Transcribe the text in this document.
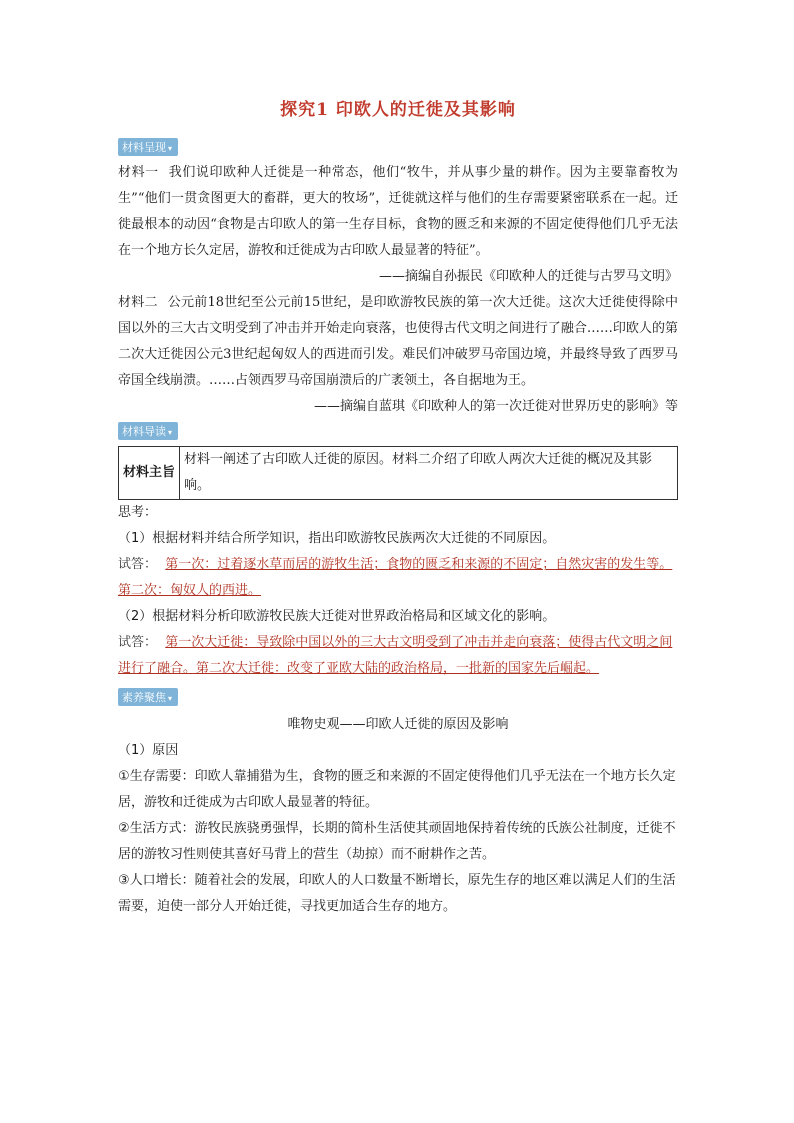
探究1 印欧人的迁徙及其影响
材料呈现 ▾

材料一 我们说印欧种人迁徙是一种常态，他们“牧牛，并从事少量的耕作。因为主要靠畜牧为生”“他们一贯贪图更大的畜群，更大的牧场”，迁徙就这样与他们的生存需要紧密联系在一起。迁徙最根本的动因“食物是古印欧人的第一生存目标，食物的匮乏和来源的不固定使得他们几乎无法在一个地方长久定居，游牧和迁徙成为古印欧人最显著的特征”。

——摘编自孙振民《印欧种人的迁徙与古罗马文明》

材料二 公元前18世纪至公元前15世纪，是印欧游牧民族的第一次大迁徙。这次大迁徙使得除中国以外的三大古文明受到了冲击并开始走向衰落，也使得古代文明之间进行了融合……印欧人的第二次大迁徙因公元3世纪起匈奴人的西进而引发。难民们冲破罗马帝国边境，并最终导致了西罗马帝国全线崩溃。……占领西罗马帝国崩溃后的广袤领土，各自据地为王。

——摘编自蓝琪《印欧种人的第一次迁徙对世界历史的影响》等

材料导读 ▾
材料主旨	材料一阐述了古印欧人迁徙的原因。材料二介绍了印欧人两次大迁徙的概况及其影响。

思考：

（1）根据材料并结合所学知识，指出印欧游牧民族两次大迁徙的不同原因。

试答： 第一次：过着逐水草而居的游牧生活；食物的匮乏和来源的不固定；自然灾害的发生等。第二次：匈奴人的西进。

（2）根据材料分析印欧游牧民族大迁徙对世界政治格局和区域文化的影响。

试答： 第一次大迁徙：导致除中国以外的三大古文明受到了冲击并走向衰落；使得古代文明之间进行了融合。第二次大迁徙：改变了亚欧大陆的政治格局，一批新的国家先后崛起。

素养聚焦 ▾

唯物史观——印欧人迁徙的原因及影响

（1）原因

①生存需要：印欧人靠捕猎为生，食物的匮乏和来源的不固定使得他们几乎无法在一个地方长久定居，游牧和迁徙成为古印欧人最显著的特征。

②生活方式：游牧民族骁勇强悍，长期的简朴生活使其顽固地保持着传统的氏族公社制度，迁徙不居的游牧习性则使其喜好马背上的营生（劫掠）而不耐耕作之苦。

③人口增长：随着社会的发展，印欧人的人口数量不断增长，原先生存的地区难以满足人们的生活需要，迫使一部分人开始迁徙，寻找更加适合生存的地方。
